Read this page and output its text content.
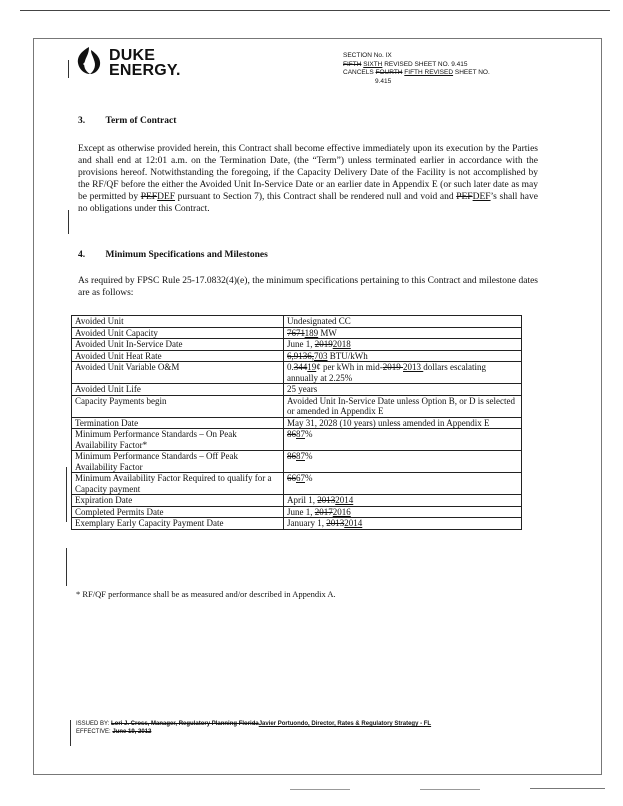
DUKE
ENERGY.
SECTION No. IX
FIFTH SIXTH REVISED SHEET NO. 9.415
CANCELS FOURTH FIFTH REVISED SHEET NO.
9.415
3. Term of Contract
Except as otherwise provided herein, this Contract shall become effective immediately upon its execution by the Parties and shall end at 12:01 a.m. on the Termination Date, (the “Term”) unless terminated earlier in accordance with the provisions hereof. Notwithstanding the foregoing, if the Capacity Delivery Date of the Facility is not accomplished by the RF/QF before the either the Avoided Unit In-Service Date or an earlier date in Appendix E (or such later date as may be permitted by PEFDEF pursuant to Section 7), this Contract shall be rendered null and void and PEFDEF’s shall have no obligations under this Contract.
4. Minimum Specifications and Milestones
As required by FPSC Rule 25-17.0832(4)(e), the minimum specifications pertaining to this Contract and milestone dates are as follows:
Avoided Unit	Undesignated CC
Avoided Unit Capacity	7671189 MW
Avoided Unit In-Service Date	June 1, 20192018
Avoided Unit Heat Rate	6,9136,703 BTU/kWh
Avoided Unit Variable O&M	0.34419¢ per kWh in mid-2019 2013 dollars escalating annually at 2.25%
Avoided Unit Life	25 years
Capacity Payments begin	Avoided Unit In-Service Date unless Option B, or D is selected or amended in Appendix E
Termination Date	May 31, 2028 (10 years) unless amended in Appendix E
Minimum Performance Standards – On Peak Availability Factor*	8687%
Minimum Performance Standards – Off Peak Availability Factor	8687%
Minimum Availability Factor Required to qualify for a Capacity payment	6667%
Expiration Date	April 1, 20132014
Completed Permits Date	June 1, 20172016
Exemplary Early Capacity Payment Date	January 1, 20132014
* RF/QF performance shall be as measured and/or described in Appendix A.
ISSUED BY: Lori J. Cross, Manager, Regulatory Planning FloridaJavier Portuondo, Director, Rates & Regulatory Strategy - FL
EFFECTIVE: June 19, 2012
